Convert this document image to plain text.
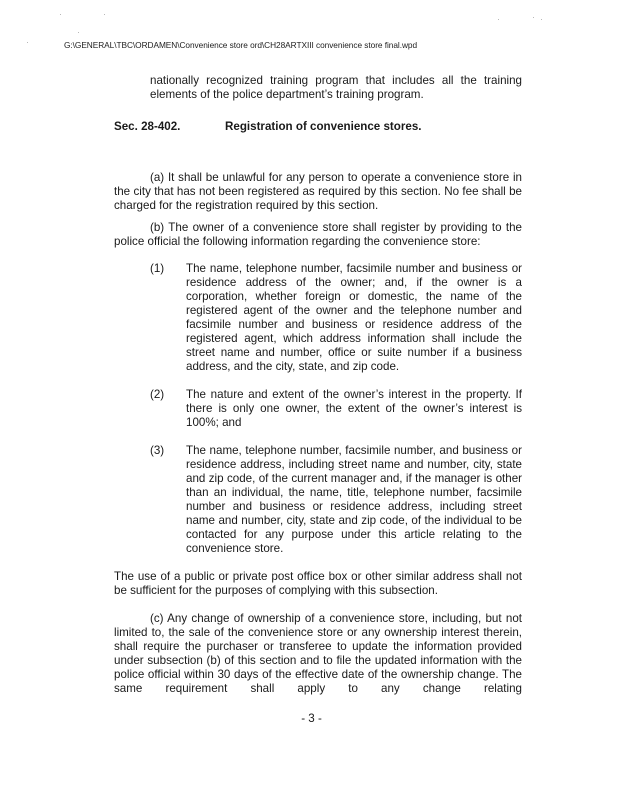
G:\GENERAL\TBC\ORDAMEN\Convenience store ord\CH28ARTXIII convenience store final.wpd
nationally recognized training program that includes all the training elements of the police department’s training program.
Sec. 28-402.	Registration of convenience stores.
(a) It shall be unlawful for any person to operate a convenience store in the city that has not been registered as required by this section. No fee shall be charged for the registration required by this section.
(b) The owner of a convenience store shall register by providing to the police official the following information regarding the convenience store:
(1) The name, telephone number, facsimile number and business or residence address of the owner; and, if the owner is a corporation, whether foreign or domestic, the name of the registered agent of the owner and the telephone number and facsimile number and business or residence address of the registered agent, which address information shall include the street name and number, office or suite number if a business address, and the city, state, and zip code.
(2) The nature and extent of the owner’s interest in the property. If there is only one owner, the extent of the owner’s interest is 100%; and
(3) The name, telephone number, facsimile number, and business or residence address, including street name and number, city, state and zip code, of the current manager and, if the manager is other than an individual, the name, title, telephone number, facsimile number and business or residence address, including street name and number, city, state and zip code, of the individual to be contacted for any purpose under this article relating to the convenience store.
The use of a public or private post office box or other similar address shall not be sufficient for the purposes of complying with this subsection.
(c) Any change of ownership of a convenience store, including, but not limited to, the sale of the convenience store or any ownership interest therein, shall require the purchaser or transferee to update the information provided under subsection (b) of this section and to file the updated information with the police official within 30 days of the effective date of the ownership change. The same requirement shall apply to any change relating
- 3 -
